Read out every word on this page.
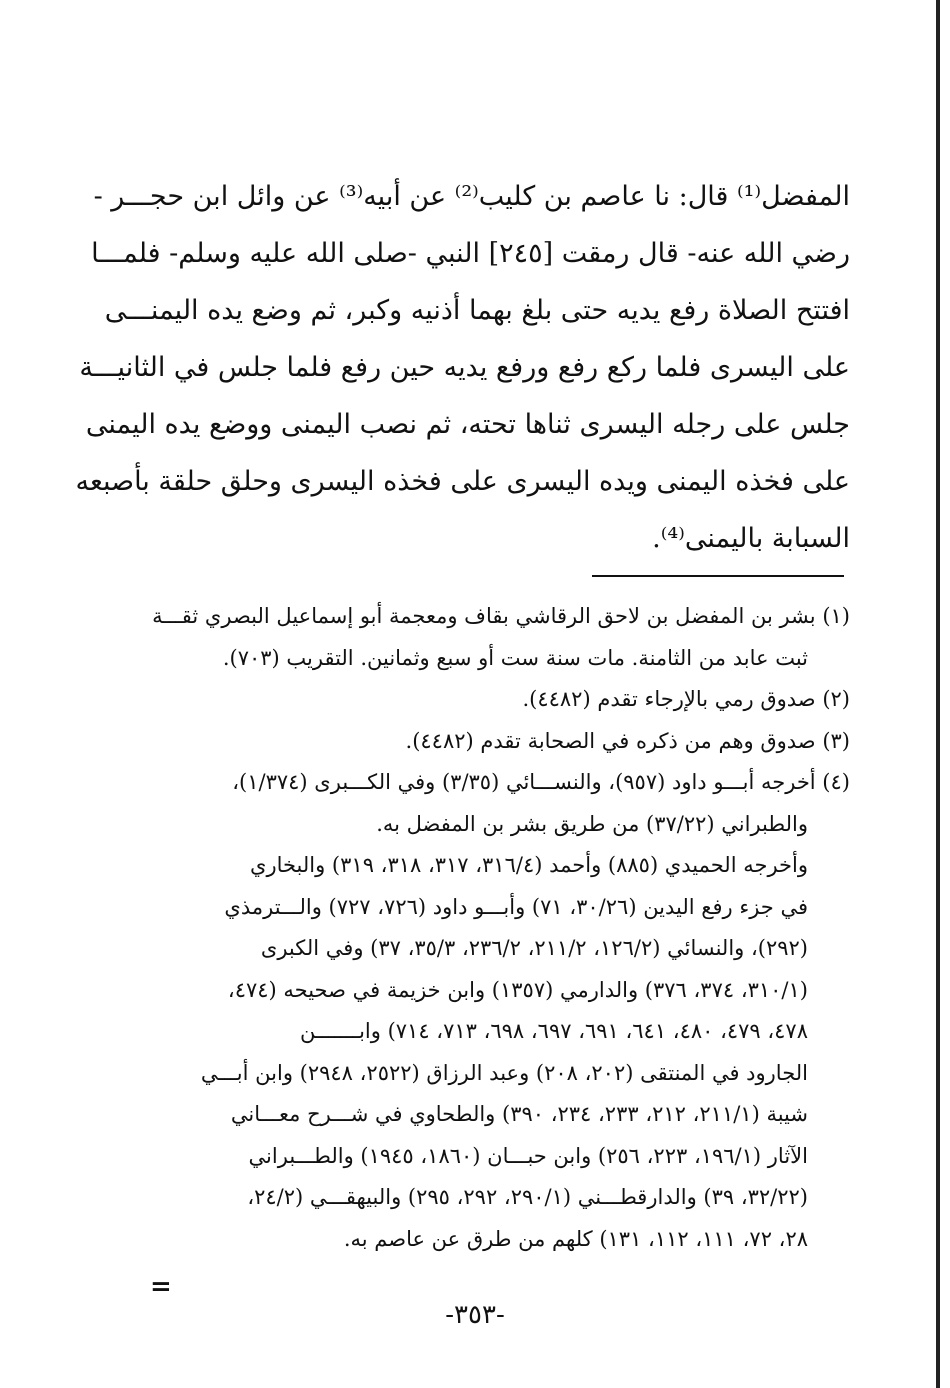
المفضل⁽¹⁾ قال: نا عاصم بن كليب⁽²⁾ عن أبيه⁽³⁾ عن وائل ابن حجـــر -
رضي الله عنه- قال رمقت [٢٤٥] النبي -صلى الله عليه وسلم- فلمـــا
افتتح الصلاة رفع يديه حتى بلغ بهما أذنيه وكبر، ثم وضع يده اليمنـــى
على اليسرى فلما ركع رفع ورفع يديه حين رفع فلما جلس في الثانيـــة
جلس على رجله اليسرى ثناها تحته، ثم نصب اليمنى ووضع يده اليمنى
على فخذه اليمنى ويده اليسرى على فخذه اليسرى وحلق حلقة بأصبعه
السبابة باليمنى⁽⁴⁾.
(١) بشر بن المفضل بن لاحق الرقاشي بقاف ومعجمة أبو إسماعيل البصري ثقـــة
ثبت عابد من الثامنة. مات سنة ست أو سبع وثمانين. التقريب (٧٠٣).
(٢) صدوق رمي بالإرجاء تقدم (٤٤٨٢).
(٣) صدوق وهم من ذكره في الصحابة تقدم (٤٤٨٢).
(٤) أخرجه أبـــو داود (٩٥٧)، والنســـائي (٣/٣٥) وفي الكـــبرى (١/٣٧٤)،
والطبراني (٣٧/٢٢) من طريق بشر بن المفضل به.
وأخرجه الحميدي (٨٨٥) وأحمد (٣١٦/٤، ٣١٧، ٣١٨، ٣١٩) والبخاري
في جزء رفع اليدين (٣٠/٢٦، ٧١) وأبـــو داود (٧٢٦، ٧٢٧) والـــترمذي
(٢٩٢)، والنسائي (١٢٦/٢، ٢١١/٢، ٢٣٦/٢، ٣٥/٣، ٣٧) وفي الكبرى
(٣١٠/١، ٣٧٤، ٣٧٦) والدارمي (١٣٥٧) وابن خزيمة في صحيحه (٤٧٤،
٤٧٨، ٤٧٩، ٤٨٠، ٦٤١، ٦٩١، ٦٩٧، ٦٩٨، ٧١٣، ٧١٤) وابـــــــن
الجارود في المنتقى (٢٠٢، ٢٠٨) وعبد الرزاق (٢٥٢٢، ٢٩٤٨) وابن أبـــي
شيبة (٢١١/١، ٢١٢، ٢٣٣، ٢٣٤، ٣٩٠) والطحاوي في شـــرح معـــاني
الآثار (١٩٦/١، ٢٢٣، ٢٥٦) وابن حبـــان (١٨٦٠، ١٩٤٥) والطـــبراني
(٣٢/٢٢، ٣٩) والدارقطـــني (٢٩٠/١، ٢٩٢، ٢٩٥) والبيهقـــي (٢٤/٢،
٢٨، ٧٢، ١١١، ١١٢، ١٣١) كلهم من طرق عن عاصم به.
=
-٣٥٣-
